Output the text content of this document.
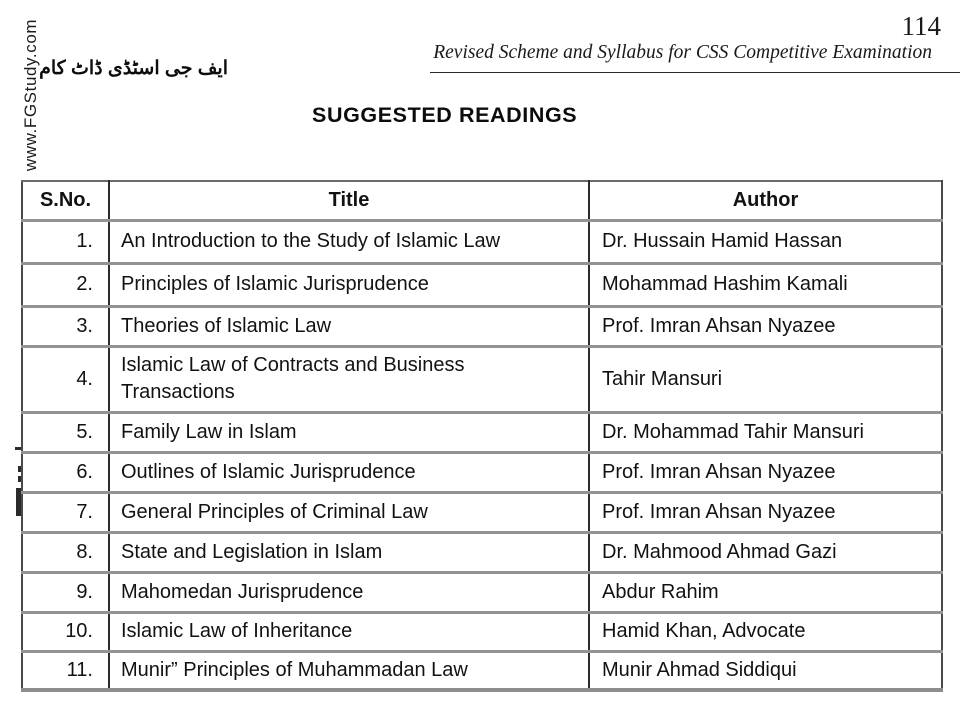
www.FGStudy.com ایف جی اسٹڈی ڈاٹ کام
114
Revised Scheme and Syllabus for CSS Competitive Examination
SUGGESTED READINGS
S.No.	Title	Author
1.	An Introduction to the Study of Islamic Law	Dr. Hussain Hamid Hassan
2.	Principles of Islamic Jurisprudence	Mohammad Hashim Kamali
3.	Theories of Islamic Law	Prof. Imran Ahsan Nyazee
4.	Islamic Law of Contracts and Business Transactions	Tahir Mansuri
5.	Family Law in Islam	Dr. Mohammad Tahir Mansuri
6.	Outlines of Islamic Jurisprudence	Prof. Imran Ahsan Nyazee
7.	General Principles of Criminal Law	Prof. Imran Ahsan Nyazee
8.	State and Legislation in Islam	Dr. Mahmood Ahmad Gazi
9.	Mahomedan Jurisprudence	Abdur Rahim
10.	Islamic Law of Inheritance	Hamid Khan, Advocate
11.	Munir” Principles of Muhammadan Law	Munir Ahmad Siddiqui
